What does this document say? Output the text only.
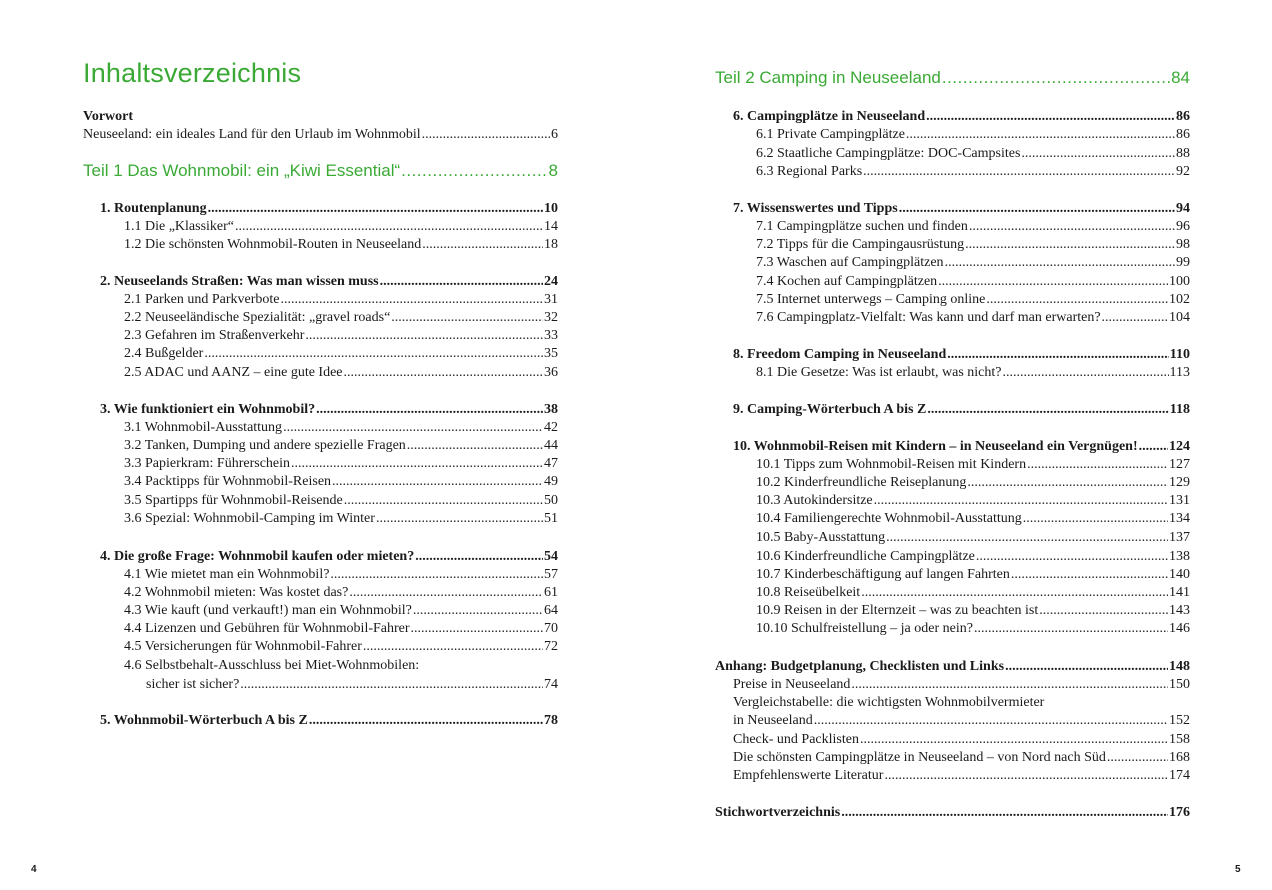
Inhaltsverzeichnis
Vorwort
Neuseeland: ein ideales Land für den Urlaub im Wohnmobil .....	6
Teil 1 Das Wohnmobil: ein „Kiwi Essential“ .....	8
1. Routenplanung .....	10
1.1 Die „Klassiker“ .....	14
1.2 Die schönsten Wohnmobil-Routen in Neuseeland .....	18
2. Neuseelands Straßen: Was man wissen muss .....	24
2.1 Parken und Parkverbote .....	31
2.2 Neuseeländische Spezialität: „gravel roads“ .....	32
2.3 Gefahren im Straßenverkehr .....	33
2.4 Bußgelder .....	35
2.5 ADAC und AANZ – eine gute Idee .....	36
3. Wie funktioniert ein Wohnmobil? .....	38
3.1 Wohnmobil-Ausstattung .....	42
3.2 Tanken, Dumping und andere spezielle Fragen .....	44
3.3 Papierkram: Führerschein .....	47
3.4 Packtipps für Wohnmobil-Reisen .....	49
3.5 Spartipps für Wohnmobil-Reisende .....	50
3.6 Spezial: Wohnmobil-Camping im Winter .....	51
4. Die große Frage: Wohnmobil kaufen oder mieten? .....	54
4.1 Wie mietet man ein Wohnmobil? .....	57
4.2 Wohnmobil mieten: Was kostet das? .....	61
4.3 Wie kauft (und verkauft!) man ein Wohnmobil? .....	64
4.4 Lizenzen und Gebühren für Wohnmobil-Fahrer .....	70
4.5 Versicherungen für Wohnmobil-Fahrer .....	72
4.6 Selbstbehalt-Ausschluss bei Miet-Wohnmobilen:
sicher ist sicher? .....	74
5. Wohnmobil-Wörterbuch A bis Z .....	78
4
Teil 2 Camping in Neuseeland .....	84
6. Campingplätze in Neuseeland .....	86
6.1 Private Campingplätze .....	86
6.2 Staatliche Campingplätze: DOC-Campsites .....	88
6.3 Regional Parks .....	92
7. Wissenswertes und Tipps .....	94
7.1 Campingplätze suchen und finden .....	96
7.2 Tipps für die Campingausrüstung .....	98
7.3 Waschen auf Campingplätzen .....	99
7.4 Kochen auf Campingplätzen .....	100
7.5 Internet unterwegs – Camping online .....	102
7.6 Campingplatz-Vielfalt: Was kann und darf man erwarten? .....	104
8. Freedom Camping in Neuseeland .....	110
8.1 Die Gesetze: Was ist erlaubt, was nicht? .....	113
9. Camping-Wörterbuch A bis Z .....	118
10. Wohnmobil-Reisen mit Kindern – in Neuseeland ein Vergnügen! ..... 124
10.1 Tipps zum Wohnmobil-Reisen mit Kindern .....	127
10.2 Kinderfreundliche Reiseplanung .....	129
10.3 Autokindersitze .....	131
10.4 Familiengerechte Wohnmobil-Ausstattung .....	134
10.5 Baby-Ausstattung .....	137
10.6 Kinderfreundliche Campingplätze .....	138
10.7 Kinderbeschäftigung auf langen Fahrten .....	140
10.8 Reiseübelkeit .....	141
10.9 Reisen in der Elternzeit – was zu beachten ist .....	143
10.10 Schulfreistellung – ja oder nein? .....	146
Anhang: Budgetplanung, Checklisten und Links .....	148
Preise in Neuseeland .....	150
Vergleichstabelle: die wichtigsten Wohnmobilvermieter
in Neuseeland .....	152
Check- und Packlisten .....	158
Die schönsten Campingplätze in Neuseeland – von Nord nach Süd .....	168
Empfehlenswerte Literatur .....	174
Stichwortverzeichnis .....	176
5
